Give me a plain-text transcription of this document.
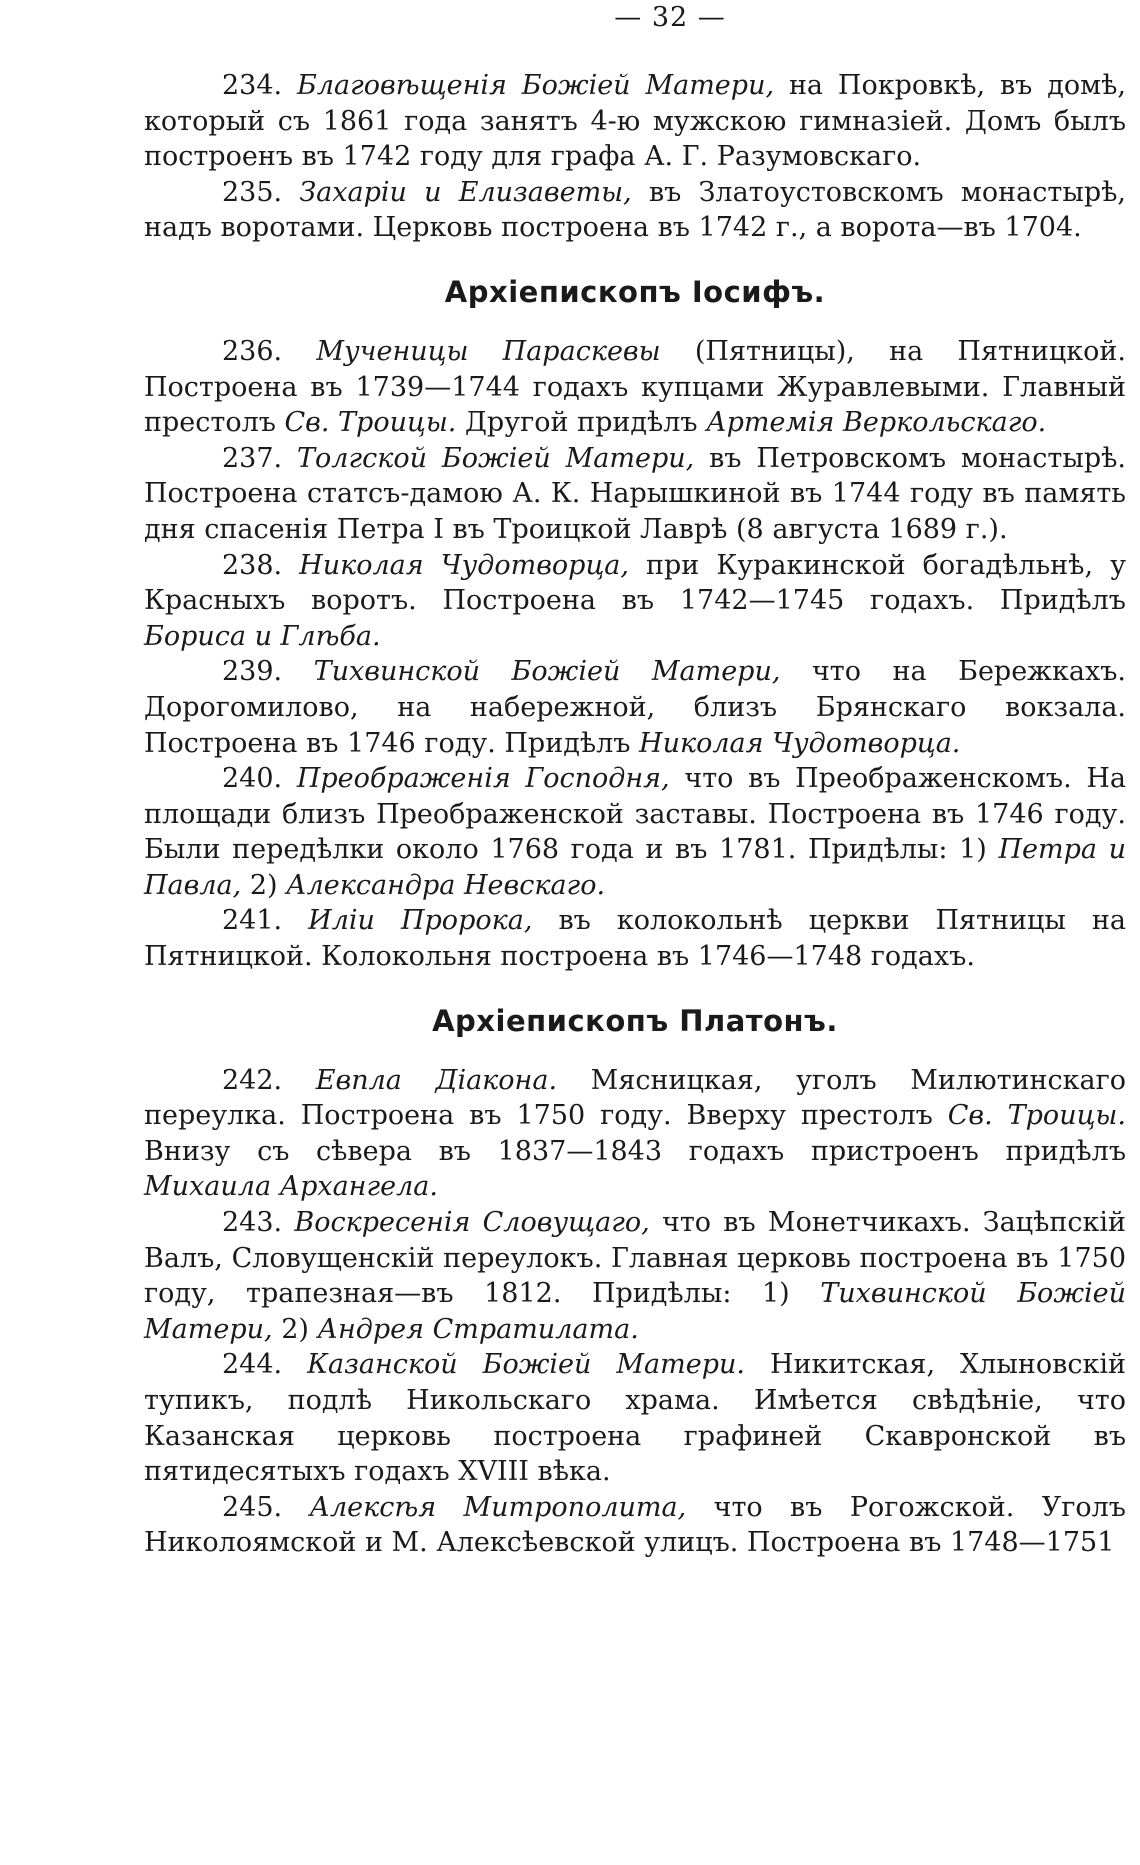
— 32 —

234. Благовѣщенія Божіей Матери, на Покровкѣ, въ домѣ, который съ 1861 года занятъ 4-ю мужскою гимназіей. Домъ былъ построенъ въ 1742 году для графа А. Г. Разумовскаго.

235. Захаріи и Елизаветы, въ Златоустовскомъ монастырѣ, надъ воротами. Церковь построена въ 1742 г., а ворота—въ 1704.

Архіепископъ Іосифъ.

236. Мученицы Параскевы (Пятницы), на Пятницкой. Построена въ 1739—1744 годахъ купцами Журавлевыми. Главный престолъ Св. Троицы. Другой придѣлъ Артемія Веркольскаго.

237. Толгской Божіей Матери, въ Петровскомъ монастырѣ. Построена статсъ-дамою А. К. Нарышкиной въ 1744 году въ память дня спасенія Петра I въ Троицкой Лаврѣ (8 августа 1689 г.).

238. Николая Чудотворца, при Куракинской богадѣльнѣ, у Красныхъ воротъ. Построена въ 1742—1745 годахъ. Придѣлъ Бориса и Глѣба.

239. Тихвинской Божіей Матери, что на Бережкахъ. Дорогомилово, на набережной, близъ Брянскаго вокзала. Построена въ 1746 году. Придѣлъ Николая Чудотворца.

240. Преображенія Господня, что въ Преображенскомъ. На площади близъ Преображенской заставы. Построена въ 1746 году. Были передѣлки около 1768 года и въ 1781. Придѣлы: 1) Петра и Павла, 2) Александра Невскаго.

241. Иліи Пророка, въ колокольнѣ церкви Пятницы на Пятницкой. Колокольня построена въ 1746—1748 годахъ.

Архіепископъ Платонъ.

242. Евпла Діакона. Мясницкая, уголъ Милютинскаго переулка. Построена въ 1750 году. Вверху престолъ Св. Троицы. Внизу съ сѣвера въ 1837—1843 годахъ пристроенъ придѣлъ Михаила Архангела.

243. Воскресенія Словущаго, что въ Монетчикахъ. Зацѣпскій Валъ, Словущенскій переулокъ. Главная церковь построена въ 1750 году, трапезная—въ 1812. Придѣлы: 1) Тихвинской Божіей Матери, 2) Андрея Стратилата.

244. Казанской Божіей Матери. Никитская, Хлыновскій тупикъ, подлѣ Никольскаго храма. Имѣется свѣдѣніе, что Казанская церковь построена графиней Скавронской въ пятидесятыхъ годахъ XVIII вѣка.

245. Алексѣя Митрополита, что въ Рогожской. Уголъ Николоямской и М. Алексѣевской улицъ. Построена въ 1748—1751
